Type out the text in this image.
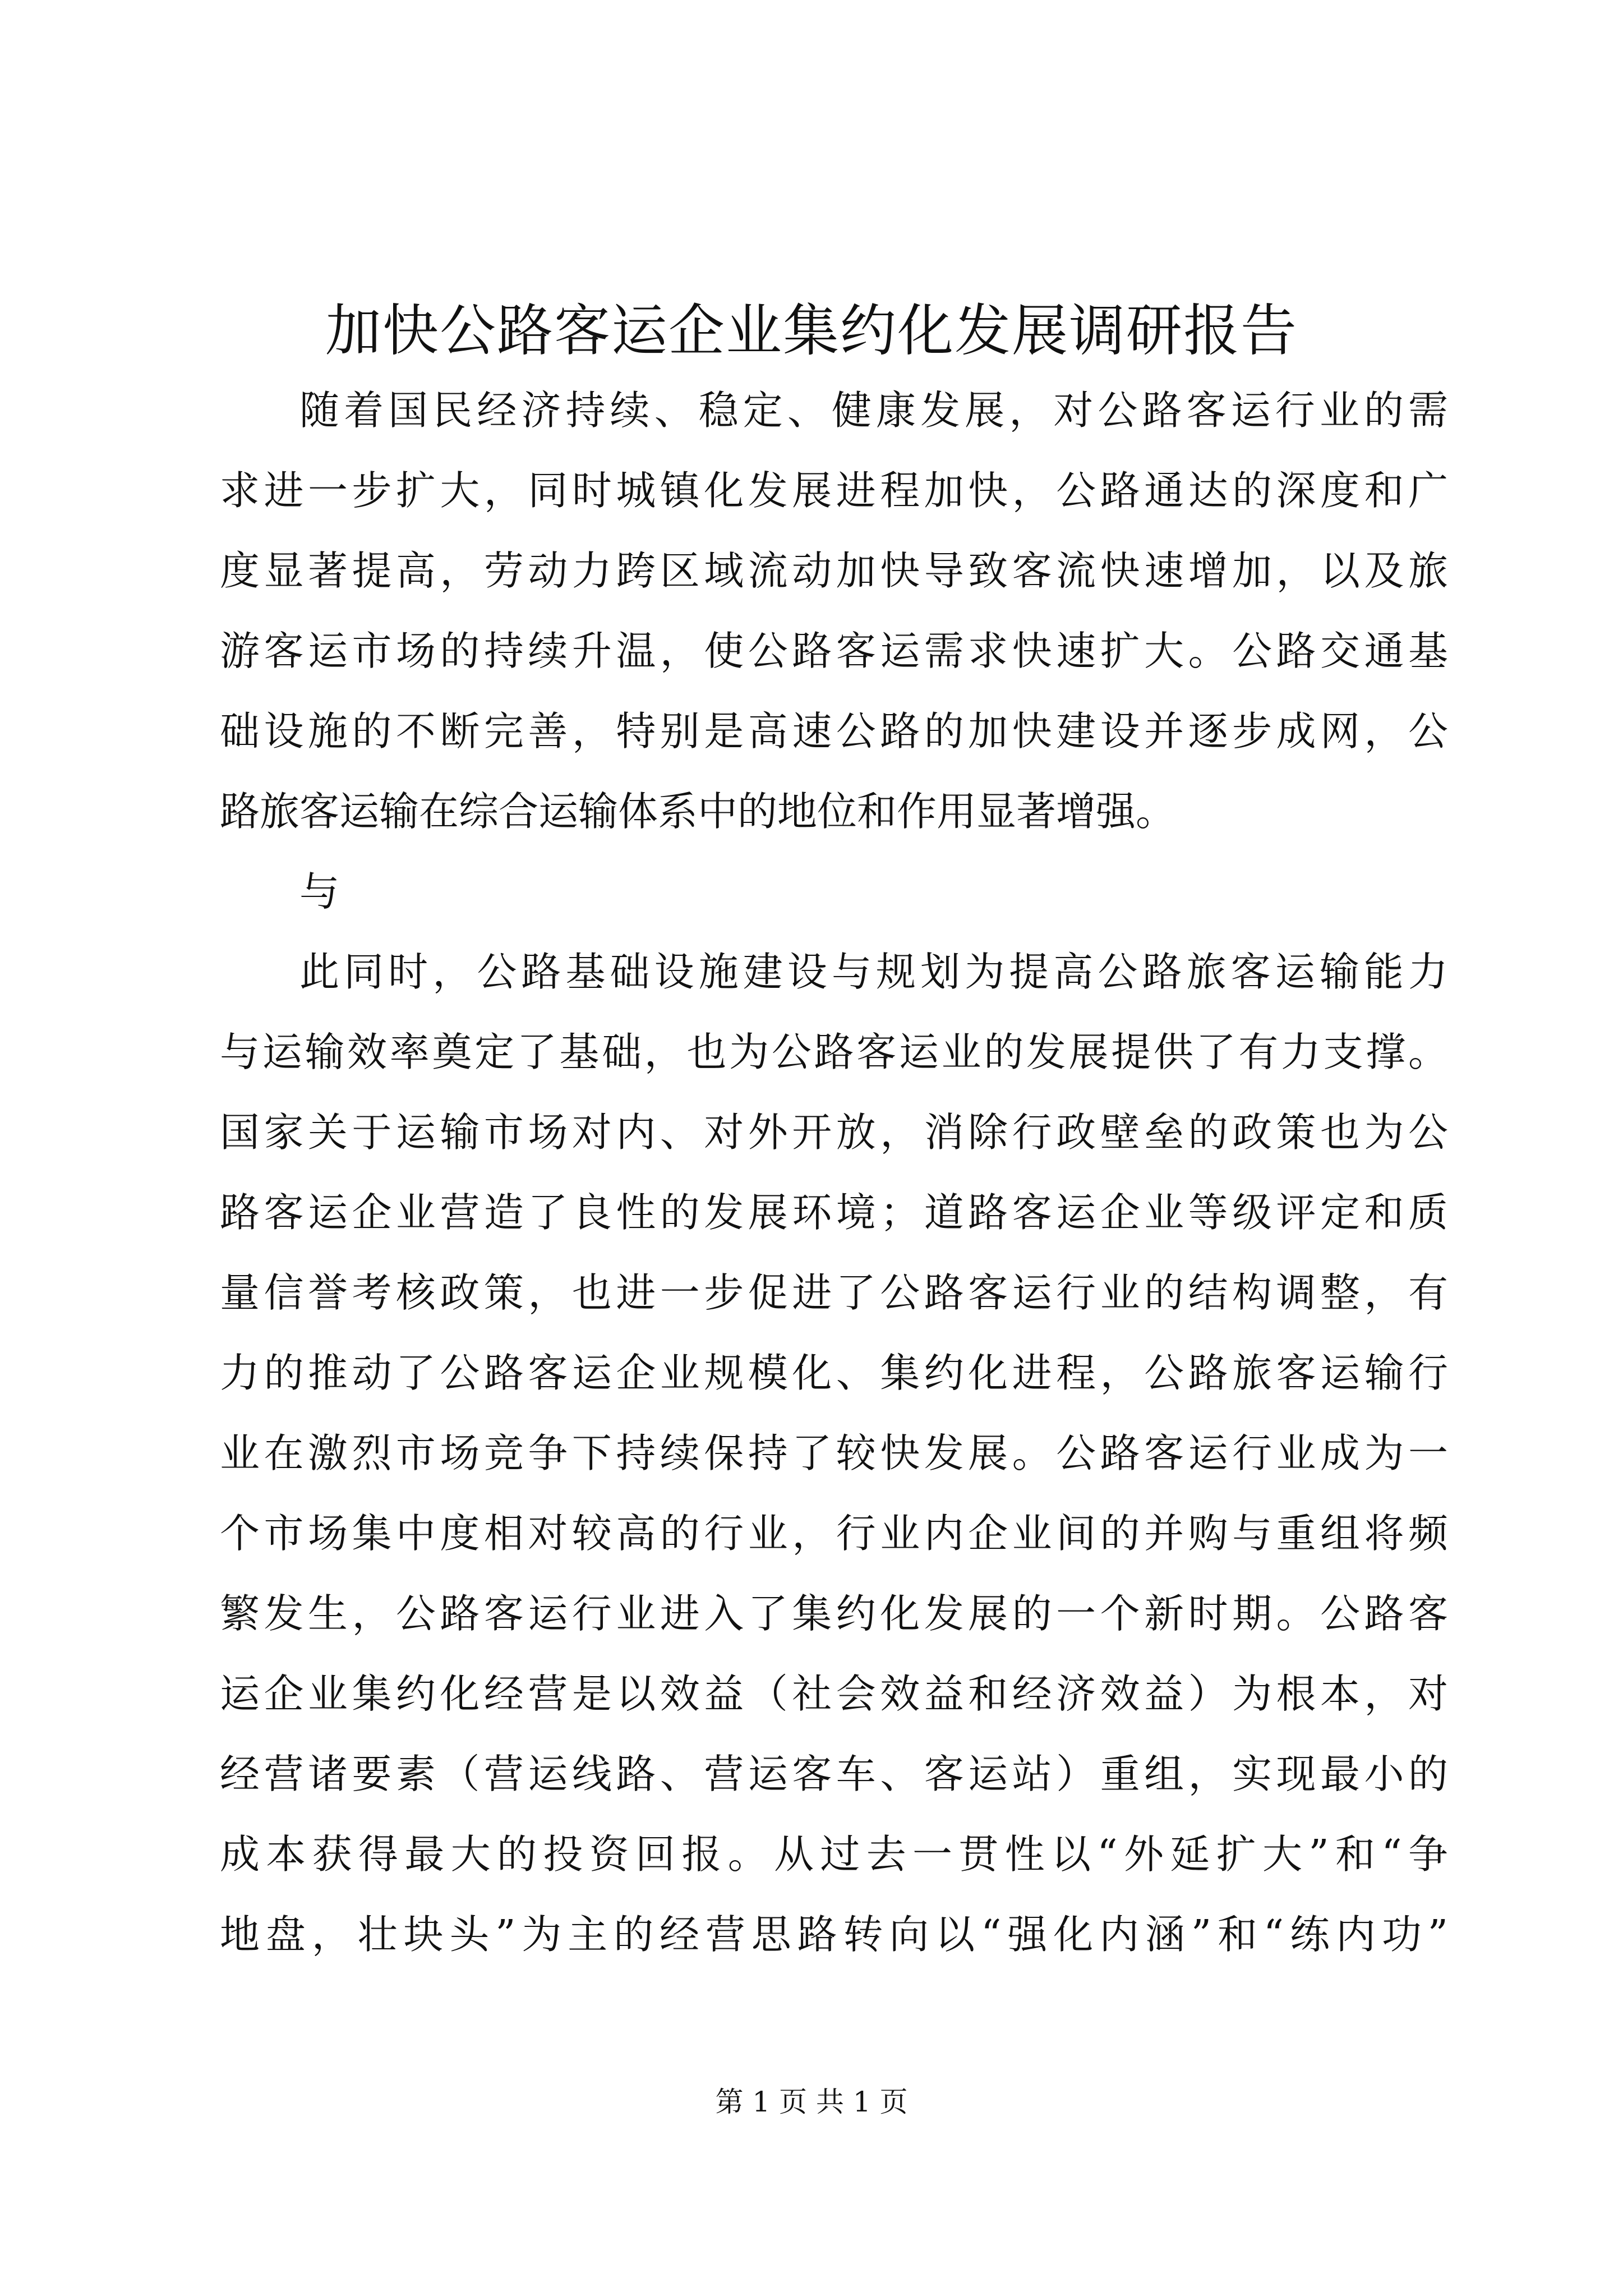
加快公路客运企业集约化发展调研报告
随着国民经济持续、稳定、健康发展，对公路客运行业的需
求进一步扩大，同时城镇化发展进程加快，公路通达的深度和广
度显著提高，劳动力跨区域流动加快导致客流快速增加，以及旅
游客运市场的持续升温，使公路客运需求快速扩大。公路交通基
础设施的不断完善，特别是高速公路的加快建设并逐步成网，公
路旅客运输在综合运输体系中的地位和作用显著增强。
与
此同时，公路基础设施建设与规划为提高公路旅客运输能力
与运输效率奠定了基础，也为公路客运业的发展提供了有力支撑。
国家关于运输市场对内、对外开放，消除行政壁垒的政策也为公
路客运企业营造了良性的发展环境；道路客运企业等级评定和质
量信誉考核政策，也进一步促进了公路客运行业的结构调整，有
力的推动了公路客运企业规模化、集约化进程，公路旅客运输行
业在激烈市场竞争下持续保持了较快发展。公路客运行业成为一
个市场集中度相对较高的行业，行业内企业间的并购与重组将频
繁发生，公路客运行业进入了集约化发展的一个新时期。公路客
运企业集约化经营是以效益（社会效益和经济效益）为根本，对
经营诸要素（营运线路、营运客车、客运站）重组，实现最小的
成本获得最大的投资回报。从过去一贯性以“外延扩大”和“争
地盘，壮块头”为主的经营思路转向以“强化内涵”和“练内功”
第 1 页 共 1 页
